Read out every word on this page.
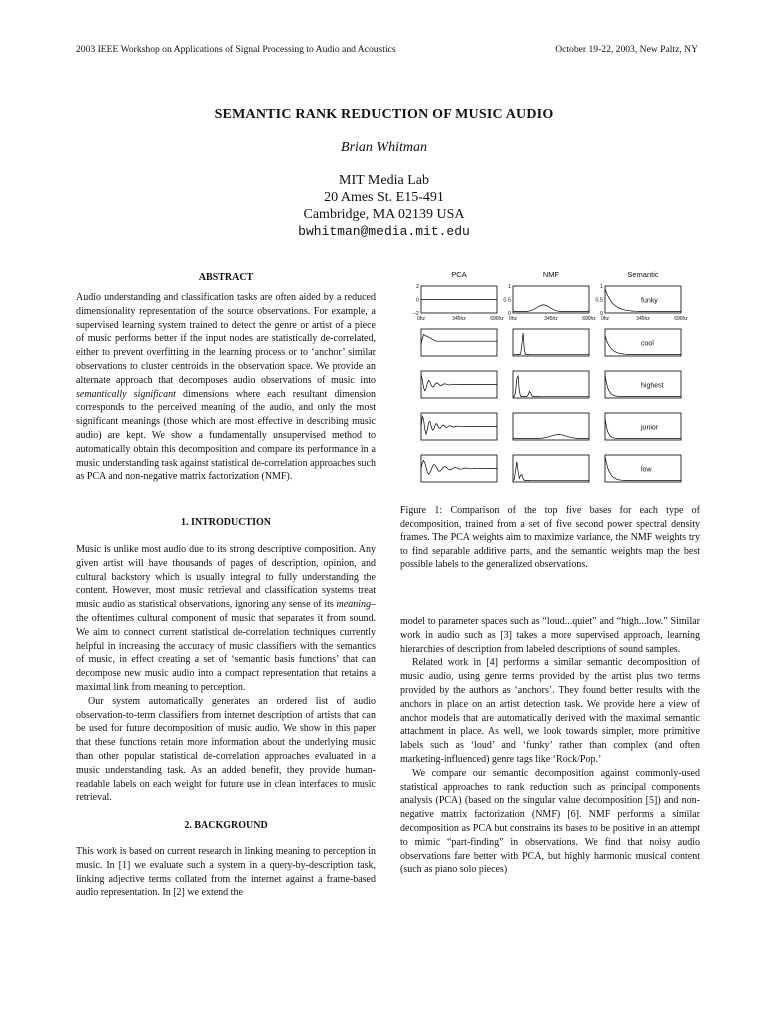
2003 IEEE Workshop on Applications of Signal Processing to Audio and Acoustics	October 19-22, 2003, New Paltz, NY
SEMANTIC RANK REDUCTION OF MUSIC AUDIO
Brian Whitman
MIT Media Lab
20 Ames St. E15-491
Cambridge, MA 02139 USA
bwhitman@media.mit.edu
ABSTRACT

Audio understanding and classification tasks are often aided by a reduced dimensionality representation of the source observations. For example, a supervised learning system trained to detect the genre or artist of a piece of music performs better if the input nodes are statistically de-correlated, either to prevent overfitting in the learning process or to ‘anchor’ similar observations to cluster centroids in the observation space. We provide an alternate approach that decomposes audio observations of music into semantically significant dimensions where each resultant dimension corresponds to the perceived meaning of the audio, and only the most significant meanings (those which are most effective in describing music audio) are kept. We show a fundamentally unsupervised method to automatically obtain this decomposition and compare its performance in a music understanding task against statistical de-correlation approaches such as PCA and non-negative matrix factorization (NMF).

1. INTRODUCTION

Music is unlike most audio due to its strong descriptive composition. Any given artist will have thousands of pages of description, opinion, and cultural backstory which is usually integral to fully understanding the content. However, most music retrieval and classification systems treat music audio as statistical observations, ignoring any sense of its meaning– the oftentimes cultural component of music that separates it from sound. We aim to connect current statistical de-correlation techniques currently helpful in increasing the accuracy of music classifiers with the semantics of music, in effect creating a set of ‘semantic basis functions’ that can decompose new music audio into a compact representation that retains a maximal link from meaning to perception.

Our system automatically generates an ordered list of audio observation-to-term classifiers from internet description of artists that can be used for future decomposition of music audio. We show in this paper that these functions retain more information about the underlying music than other popular statistical de-correlation approaches evaluated in a music understanding task. As an added benefit, they provide human-readable labels on each weight for future use in clean interfaces to music retrieval.

2. BACKGROUND

This work is based on current research in linking meaning to perception in music. In [1] we evaluate such a system in a query-by-description task, linking adjective terms collated from the internet against a frame-based audio representation. In [2] we extend the

PCA	NMF	Semantic
funky
cool
highest
junior
low
2
0
−2
0hz	345hz	690hz
1
0.5
0
0hz	345hz	690hz
1
0.5
0
0hz	345hz	690hz
Figure 1: Comparison of the top five bases for each type of decomposition, trained from a set of five second power spectral density frames. The PCA weights aim to maximize variance, the NMF weights try to find separable additive parts, and the semantic weights map the best possible labels to the generalized observations.

model to parameter spaces such as “loud...quiet” and “high...low.” Similar work in audio such as [3] takes a more supervised approach, learning hierarchies of description from labeled descriptions of sound samples.

Related work in [4] performs a similar semantic decomposition of music audio, using genre terms provided by the artist plus two terms provided by the authors as ‘anchors’. They found better results with the anchors in place on an artist detection task. We provide here a view of anchor models that are automatically derived with the maximal semantic attachment in place. As well, we look towards simpler, more primitive labels such as ‘loud’ and ‘funky’ rather than complex (and often marketing-influenced) genre tags like ‘Rock/Pop.’

We compare our semantic decomposition against commonly-used statistical approaches to rank reduction such as principal components analysis (PCA) (based on the singular value decomposition [5]) and non-negative matrix factorization (NMF) [6]. NMF performs a similar decomposition as PCA but constrains its bases to be positive in an attempt to mimic “part-finding” in observations. We find that noisy audio observations fare better with PCA, but highly harmonic musical content (such as piano solo pieces)
